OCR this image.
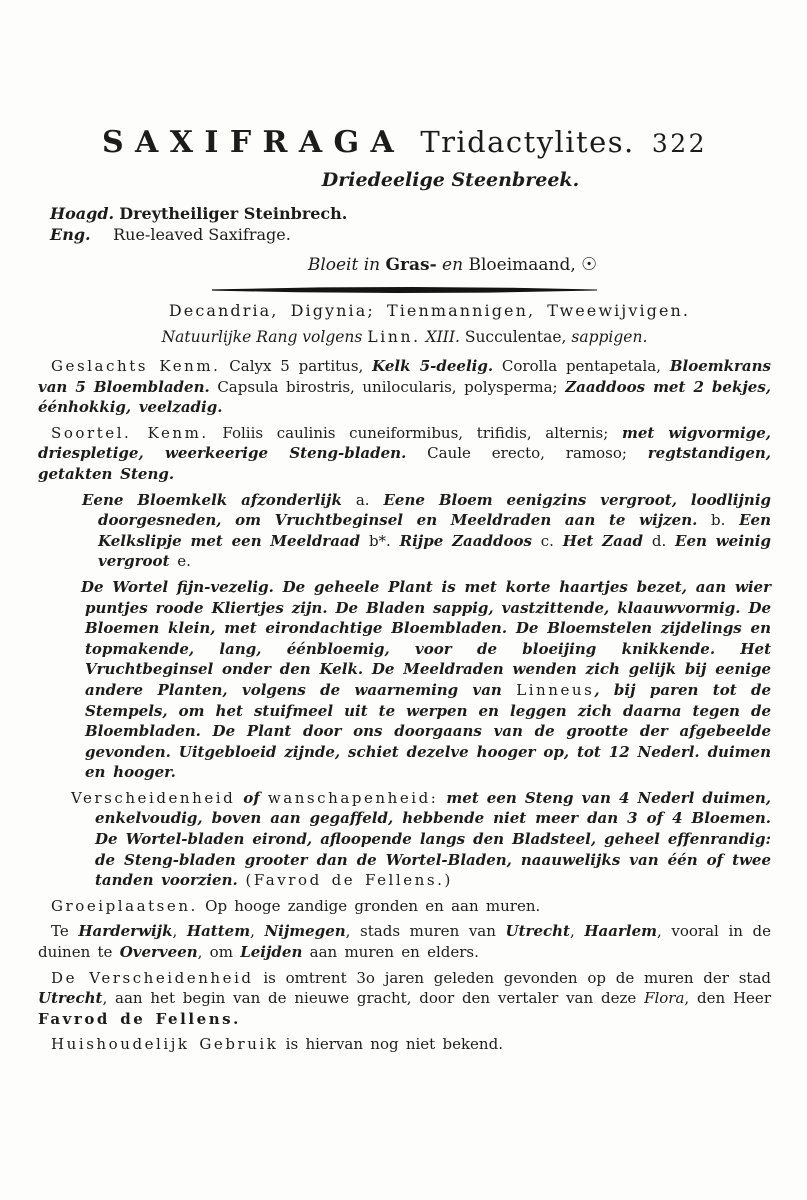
SAXIFRAGA Tridactylites. 322
Driedeelige Steenbreek.
Hoagd. Dreytheiliger Steinbrech.
Eng. Rue-leaved Saxifrage.
Bloeit in Gras- en Bloeimaand, ☉
Decandria, Digynia; Tienmannigen, Tweewijvigen.
Natuurlijke Rang volgens Linn. XIII. Succulentae, sappigen.

Geslachts Kenm. Calyx 5 partitus, Kelk 5-deelig. Corolla pentapetala, Bloemkrans van 5 Bloembladen. Capsula birostris, unilocularis, polysperma; Zaaddoos met 2 bekjes, éénhokkig, veelzadig.

Soortel. Kenm. Foliis caulinis cuneiformibus, trifidis, alternis; met wigvormige, driespletige, weerkeerige Steng-bladen. Caule erecto, ramoso; regtstandigen, getakten Steng.

Eene Bloemkelk afzonderlijk a. Eene Bloem eenigzins vergroot, loodlijnig doorgesneden, om Vruchtbeginsel en Meeldraden aan te wijzen. b. Een Kelkslipje met een Meeldraad b*. Rijpe Zaaddoos c. Het Zaad d. Een weinig vergroot e.

De Wortel fijn-vezelig. De geheele Plant is met korte haartjes bezet, aan wier puntjes roode Kliertjes zijn. De Bladen sappig, vastzittende, klaauwvormig. De Bloemen klein, met eirondachtige Bloembladen. De Bloemstelen zijdelings en topmakende, lang, éénbloemig, voor de bloeijing knikkende. Het Vruchtbeginsel onder den Kelk. De Meeldraden wenden zich gelijk bij eenige andere Planten, volgens de waarneming van Linneus, bij paren tot de Stempels, om het stuifmeel uit te werpen en leggen zich daarna tegen de Bloembladen. De Plant door ons doorgaans van de grootte der afgebeelde gevonden. Uitgebloeid zijnde, schiet dezelve hooger op, tot 12 Nederl. duimen en hooger.

Verscheidenheid of wanschapenheid: met een Steng van 4 Nederl duimen, enkelvoudig, boven aan gegaffeld, hebbende niet meer dan 3 of 4 Bloemen. De Wortel-bladen eirond, afloopende langs den Bladsteel, geheel effenrandig: de Steng-bladen grooter dan de Wortel-Bladen, naauwelijks van één of twee tanden voorzien. (Favrod de Fellens.)

Groeiplaatsen. Op hooge zandige gronden en aan muren.

Te Harderwijk, Hattem, Nijmegen, stads muren van Utrecht, Haarlem, vooral in de duinen te Overveen, om Leijden aan muren en elders.

De Verscheidenheid is omtrent 3o jaren geleden gevonden op de muren der stad Utrecht, aan het begin van de nieuwe gracht, door den vertaler van deze Flora, den Heer Favrod de Fellens.

Huishoudelijk Gebruik is hiervan nog niet bekend.
